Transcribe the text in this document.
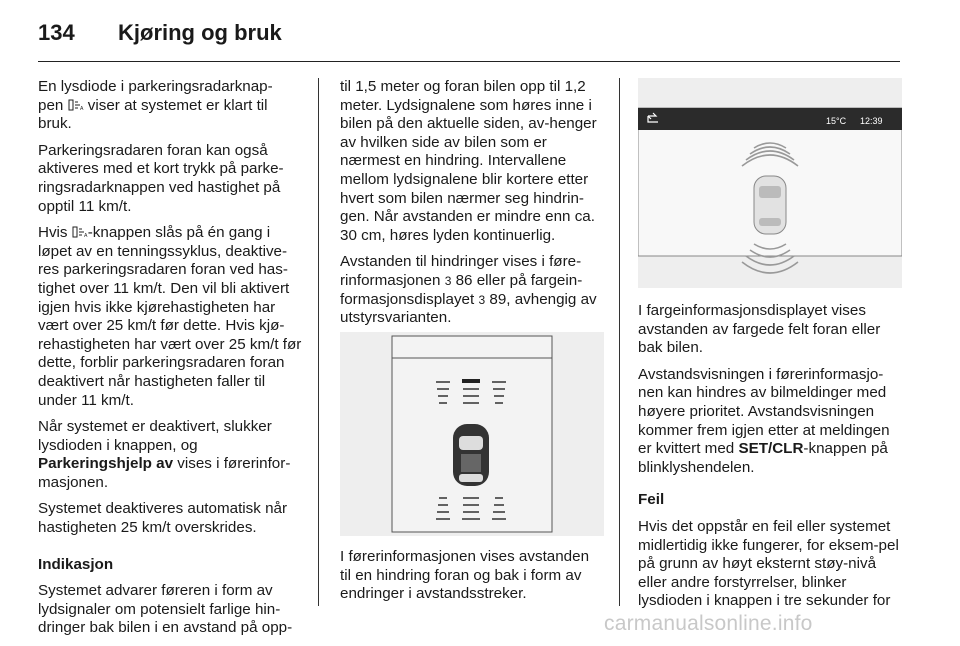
134 Kjøring og bruk

En lysdiode i parkeringsradarknap-
pen A viser at systemet er klart til bruk.

Parkeringsradaren foran kan også aktiveres med et kort trykk på parke-ringsradarknappen ved hastighet på opptil 11 km/t.

Hvis A -knappen slås på én gang i løpet av en tenningssyklus, deaktive-res parkeringsradaren foran ved has-tighet over 11 km/t. Den vil bli aktivert igjen hvis ikke kjørehastigheten har vært over 25 km/t før dette. Hvis kjø-rehastigheten har vært over 25 km/t før dette, forblir parkeringsradaren foran deaktivert når hastigheten faller til under 11 km/t.

Når systemet er deaktivert, slukker lysdioden i knappen, og
Parkeringshjelp av vises i førerinfor-masjonen.

Systemet deaktiveres automatisk når hastigheten 25 km/t overskrides.

Indikasjon

Systemet advarer føreren i form av lydsignaler om potensielt farlige hin-dringer bak bilen i en avstand på opp-

til 1,5 meter og foran bilen opp til 1,2 meter. Lydsignalene som høres inne i bilen på den aktuelle siden, av-henger av hvilken side av bilen som er nærmest en hindring. Intervallene mellom lydsignalene blir kortere etter hvert som bilen nærmer seg hindrin-gen. Når avstanden er mindre enn ca. 30 cm, høres lyden kontinuerlig.

Avstanden til hindringer vises i føre-rinformasjonen 3 86 eller på fargein-formasjonsdisplayet 3 89, avhengig av utstyrsvarianten.

I førerinformasjonen vises avstanden til en hindring foran og bak i form av endringer i avstandsstreker.

15°C 12:39

I fargeinformasjonsdisplayet vises avstanden av fargede felt foran eller bak bilen.

Avstandsvisningen i førerinformasjo-nen kan hindres av bilmeldinger med høyere prioritet. Avstandsvisningen kommer frem igjen etter at meldingen er kvittert med SET/CLR-knappen på blinklyshendelen.

Feil

Hvis det oppstår en feil eller systemet midlertidig ikke fungerer, for eksem-pel på grunn av høyt eksternt støy-nivå eller andre forstyrrelser, blinker lysdioden i knappen i tre sekunder for

carmanualsonline.info
